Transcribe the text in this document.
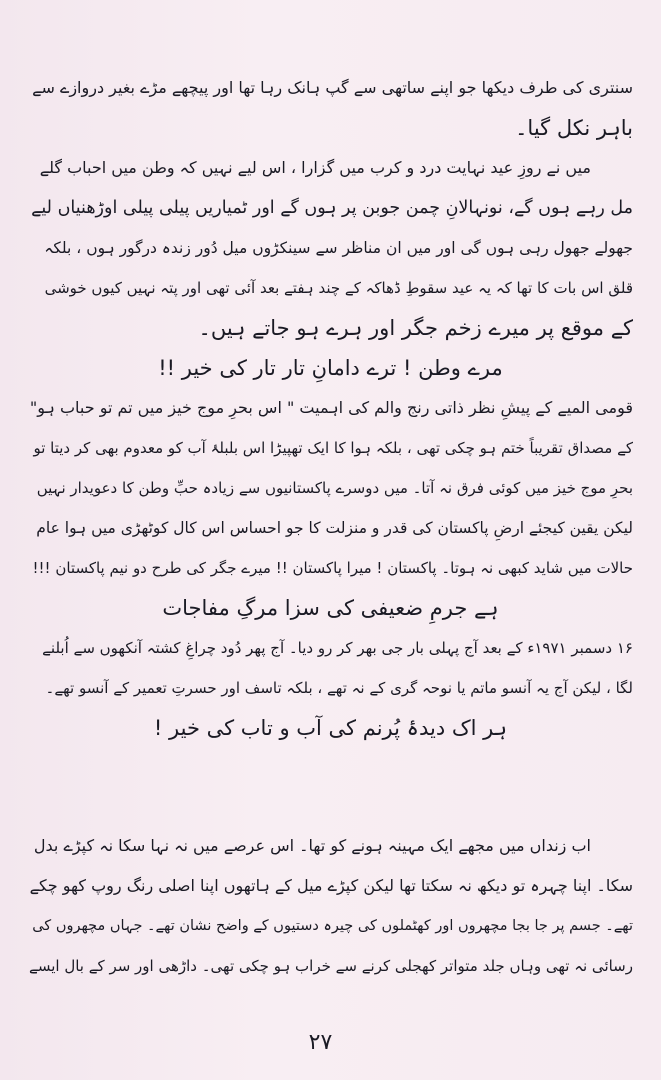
سنتری کی طرف دیکھا جو اپنے ساتھی سے گپ ہانک رہا تھا اور پیچھے مڑے بغیر دروازے سے
باہر نکل گیا۔
میں نے روزِ عید نہایت درد و کرب میں گزارا ، اس لیے نہیں کہ وطن میں احباب گلے
مل رہے ہوں گے، نونہالانِ چمن جوبن پر ہوں گے اور ٹمیاریں پیلی پیلی اوڑھنیاں لیے
جھولے جھول رہی ہوں گی اور میں ان مناظر سے سینکڑوں میل دُور زندہ درگور ہوں ، بلکہ
قلق اس بات کا تھا کہ یہ عید سقوطِ ڈھاکہ کے چند ہفتے بعد آئی تھی اور پتہ نہیں کیوں خوشی
کے موقع پر میرے زخم جگر اور ہرے ہو جاتے ہیں۔
مرے وطن ! ترے دامانِ تار تار کی خیر !!
قومی المیے کے پیشِ نظر ذاتی رنج والم کی اہمیت " اس بحرِ موج خیز میں تم تو حباب ہو"
کے مصداق تقریباً ختم ہو چکی تھی ، بلکہ ہوا کا ایک تھپیڑا اس بلبلۂ آب کو معدوم بھی کر دیتا تو
بحرِ موج خیز میں کوئی فرق نہ آتا۔ میں دوسرے پاکستانیوں سے زیادہ حبِّ وطن کا دعویدار نہیں
لیکن یقین کیجئے ارضِ پاکستان کی قدر و منزلت کا جو احساس اس کال کوٹھڑی میں ہوا عام
حالات میں شاید کبھی نہ ہوتا۔ پاکستان ! میرا پاکستان !! میرے جگر کی طرح دو نیم پاکستان !!!
ہے جرمِ ضعیفی کی سزا مرگِ مفاجات
۱۶ دسمبر ۱۹۷۱ء کے بعد آج پہلی بار جی بھر کر رو دیا۔ آج پھر دُود چراغِ کشتہ آنکھوں سے اُبلنے
لگا ، لیکن آج یہ آنسو ماتم یا نوحہ گری کے نہ تھے ، بلکہ تاسف اور حسرتِ تعمیر کے آنسو تھے۔
ہر اک دیدۂ پُرنم کی آب و تاب کی خیر !
اب زنداں میں مجھے ایک مہینہ ہونے کو تھا۔ اس عرصے میں نہ نہا سکا نہ کپڑے بدل
سکا۔ اپنا چہرہ تو دیکھ نہ سکتا تھا لیکن کپڑے میل کے ہاتھوں اپنا اصلی رنگ روپ کھو چکے
تھے۔ جسم پر جا بجا مچھروں اور کھٹملوں کی چیرہ دستیوں کے واضح نشان تھے۔ جہاں مچھروں کی
رسائی نہ تھی وہاں جلد متواتر کھجلی کرنے سے خراب ہو چکی تھی۔ داڑھی اور سر کے بال ایسے
۲۷
